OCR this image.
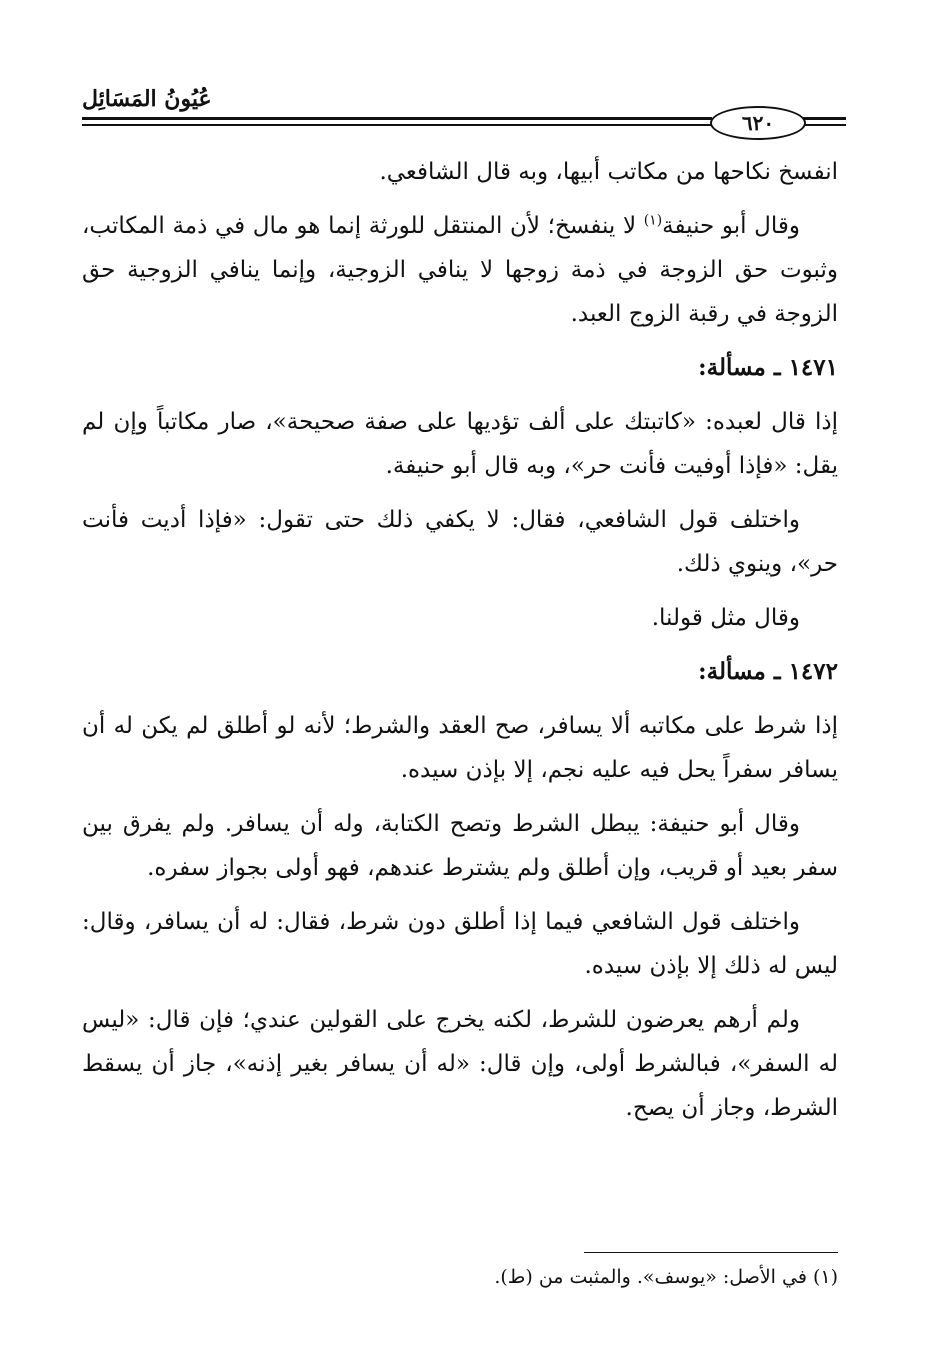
عُيُونُ المَسَائِل
٦٢٠

انفسخ نكاحها من مكاتب أبيها، وبه قال الشافعي.

وقال أبو حنيفة$^{(١)}$ لا ينفسخ؛ لأن المنتقل للورثة إنما هو مال في ذمة المكاتب، وثبوت حق الزوجة في ذمة زوجها لا ينافي الزوجية، وإنما ينافي الزوجية حق الزوجة في رقبة الزوج العبد.

١٤٧١ ـ مسألة:

إذا قال لعبده: «كاتبتك على ألف تؤديها على صفة صحيحة»، صار مكاتباً وإن لم يقل: «فإذا أوفيت فأنت حر»، وبه قال أبو حنيفة.

واختلف قول الشافعي، فقال: لا يكفي ذلك حتى تقول: «فإذا أديت فأنت حر»، وينوي ذلك.

وقال مثل قولنا.

١٤٧٢ ـ مسألة:

إذا شرط على مكاتبه ألا يسافر، صح العقد والشرط؛ لأنه لو أطلق لم يكن له أن يسافر سفراً يحل فيه عليه نجم، إلا بإذن سيده.

وقال أبو حنيفة: يبطل الشرط وتصح الكتابة، وله أن يسافر. ولم يفرق بين سفر بعيد أو قريب، وإن أطلق ولم يشترط عندهم، فهو أولى بجواز سفره.

واختلف قول الشافعي فيما إذا أطلق دون شرط، فقال: له أن يسافر، وقال: ليس له ذلك إلا بإذن سيده.

ولم أرهم يعرضون للشرط، لكنه يخرج على القولين عندي؛ فإن قال: «ليس له السفر»، فبالشرط أولى، وإن قال: «له أن يسافر بغير إذنه»، جاز أن يسقط الشرط، وجاز أن يصح.

(١) في الأصل: «يوسف». والمثبت من (ط).
